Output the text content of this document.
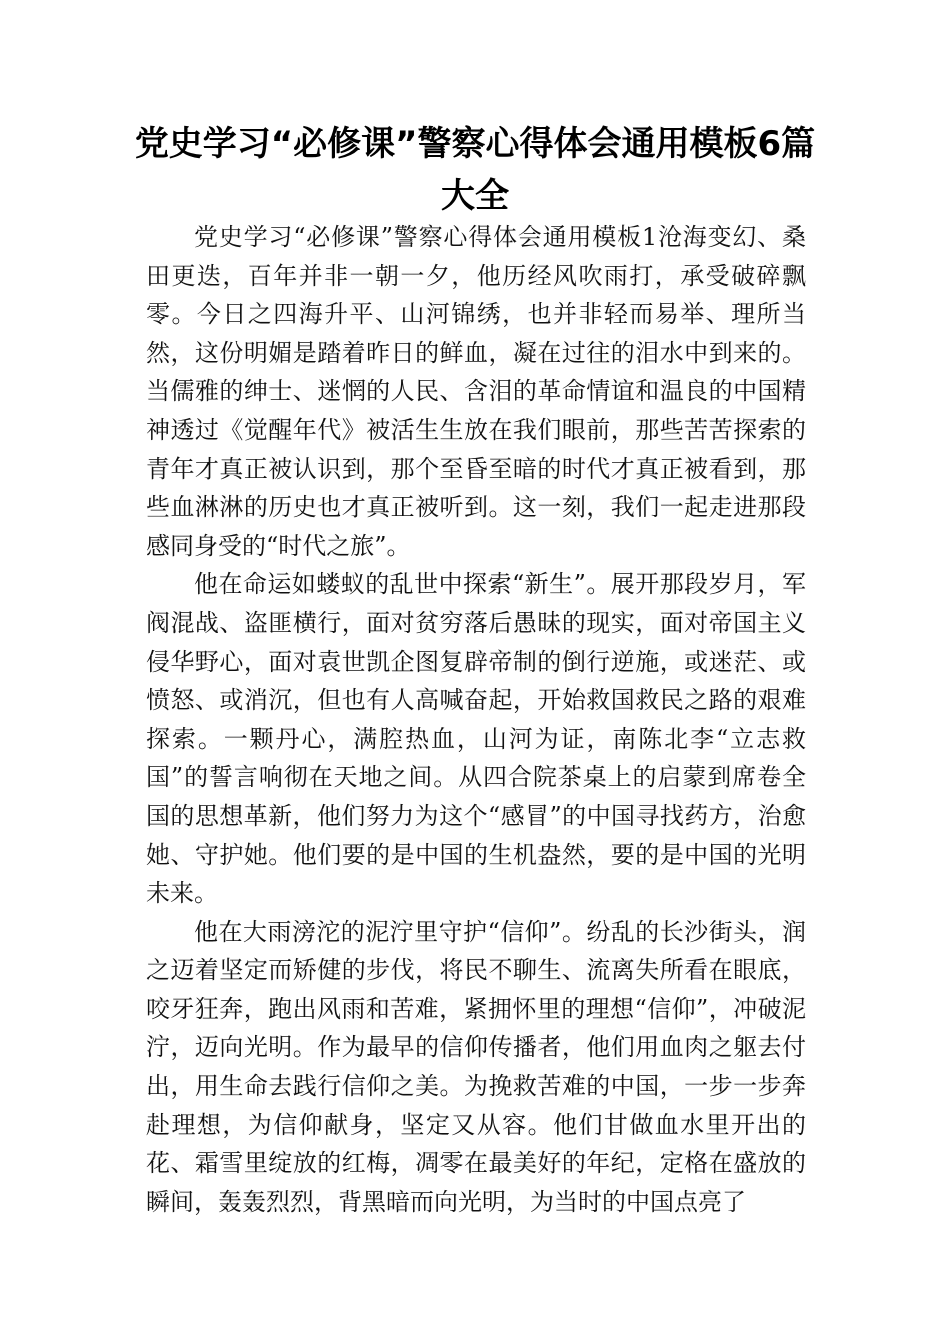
党史学习“必修课”警察心得体会通用模板6篇大全

党史学习“必修课”警察心得体会通用模板1沧海变幻、桑田更迭，百年并非一朝一夕，他历经风吹雨打，承受破碎飘零。今日之四海升平、山河锦绣，也并非轻而易举、理所当然，这份明媚是踏着昨日的鲜血，凝在过往的泪水中到来的。当儒雅的绅士、迷惘的人民、含泪的革命情谊和温良的中国精神透过《觉醒年代》被活生生放在我们眼前，那些苦苦探索的青年才真正被认识到，那个至昏至暗的时代才真正被看到，那些血淋淋的历史也才真正被听到。这一刻，我们一起走进那段感同身受的“时代之旅”。

他在命运如蝼蚁的乱世中探索“新生”。展开那段岁月，军阀混战、盗匪横行，面对贫穷落后愚昧的现实，面对帝国主义侵华野心，面对袁世凯企图复辟帝制的倒行逆施，或迷茫、或愤怒、或消沉，但也有人高喊奋起，开始救国救民之路的艰难探索。一颗丹心，满腔热血，山河为证，南陈北李“立志救国”的誓言响彻在天地之间。从四合院茶桌上的启蒙到席卷全国的思想革新，他们努力为这个“感冒”的中国寻找药方，治愈她、守护她。他们要的是中国的生机盎然，要的是中国的光明未来。

他在大雨滂沱的泥泞里守护“信仰”。纷乱的长沙街头，润之迈着坚定而矫健的步伐，将民不聊生、流离失所看在眼底，咬牙狂奔，跑出风雨和苦难，紧拥怀里的理想“信仰”，冲破泥泞，迈向光明。作为最早的信仰传播者，他们用血肉之躯去付出，用生命去践行信仰之美。为挽救苦难的中国，一步一步奔赴理想，为信仰献身，坚定又从容。他们甘做血水里开出的花、霜雪里绽放的红梅，凋零在最美好的年纪，定格在盛放的瞬间，轰轰烈烈，背黑暗而向光明，为当时的中国点亮了
